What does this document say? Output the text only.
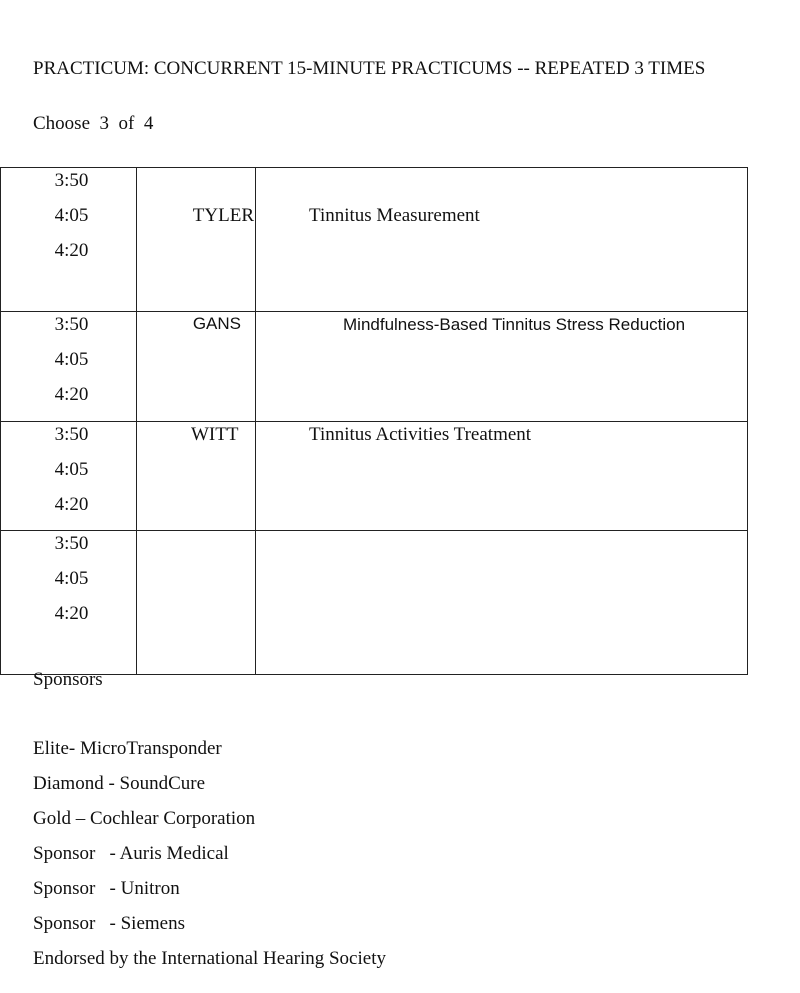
PRACTICUM: CONCURRENT 15-MINUTE PRACTICUMS -- REPEATED 3 TIMES
Choose  3  of  4
3:50
4:05
4:20	TYLER	Tinnitus Measurement

3:50
4:05
4:20	GANS	Mindfulness-Based Tinnitus Stress Reduction

3:50
4:05
4:20	WITT	Tinnitus Activities Treatment

3:50
4:05
4:20		

Sponsors
Elite- MicroTransponder
Diamond - SoundCure
Gold – Cochlear Corporation
Sponsor   - Auris Medical
Sponsor   - Unitron
Sponsor   - Siemens
Endorsed by the International Hearing Society
